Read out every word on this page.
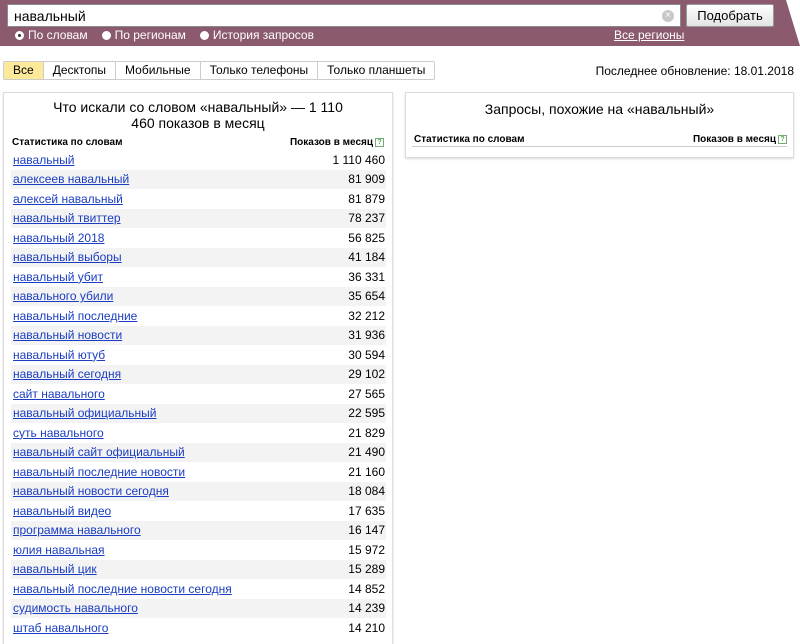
навальный	×	Подобрать
По словам По регионам История запросов	Все регионы
Все	Десктопы	Мобильные	Только телефоны	Только планшеты	Последнее обновление: 18.01.2018
Что искали со словом «навальный» — 1 110 460 показов в месяц
Статистика по словам	Показов в месяц ?
навальный	1 110 460
алексеев навальный	81 909
алексей навальный	81 879
навальный твиттер	78 237
навальный 2018	56 825
навальный выборы	41 184
навальный убит	36 331
навального убили	35 654
навальный последние	32 212
навальный новости	31 936
навальный ютуб	30 594
навальный сегодня	29 102
сайт навального	27 565
навальный официальный	22 595
суть навального	21 829
навальный сайт официальный	21 490
навальный последние новости	21 160
навальный новости сегодня	18 084
навальный видео	17 635
программа навального	16 147
юлия навальная	15 972
навальный цик	15 289
навальный последние новости сегодня	14 852
судимость навального	14 239
штаб навального	14 210
Запросы, похожие на «навальный»
Статистика по словам	Показов в месяц ?
